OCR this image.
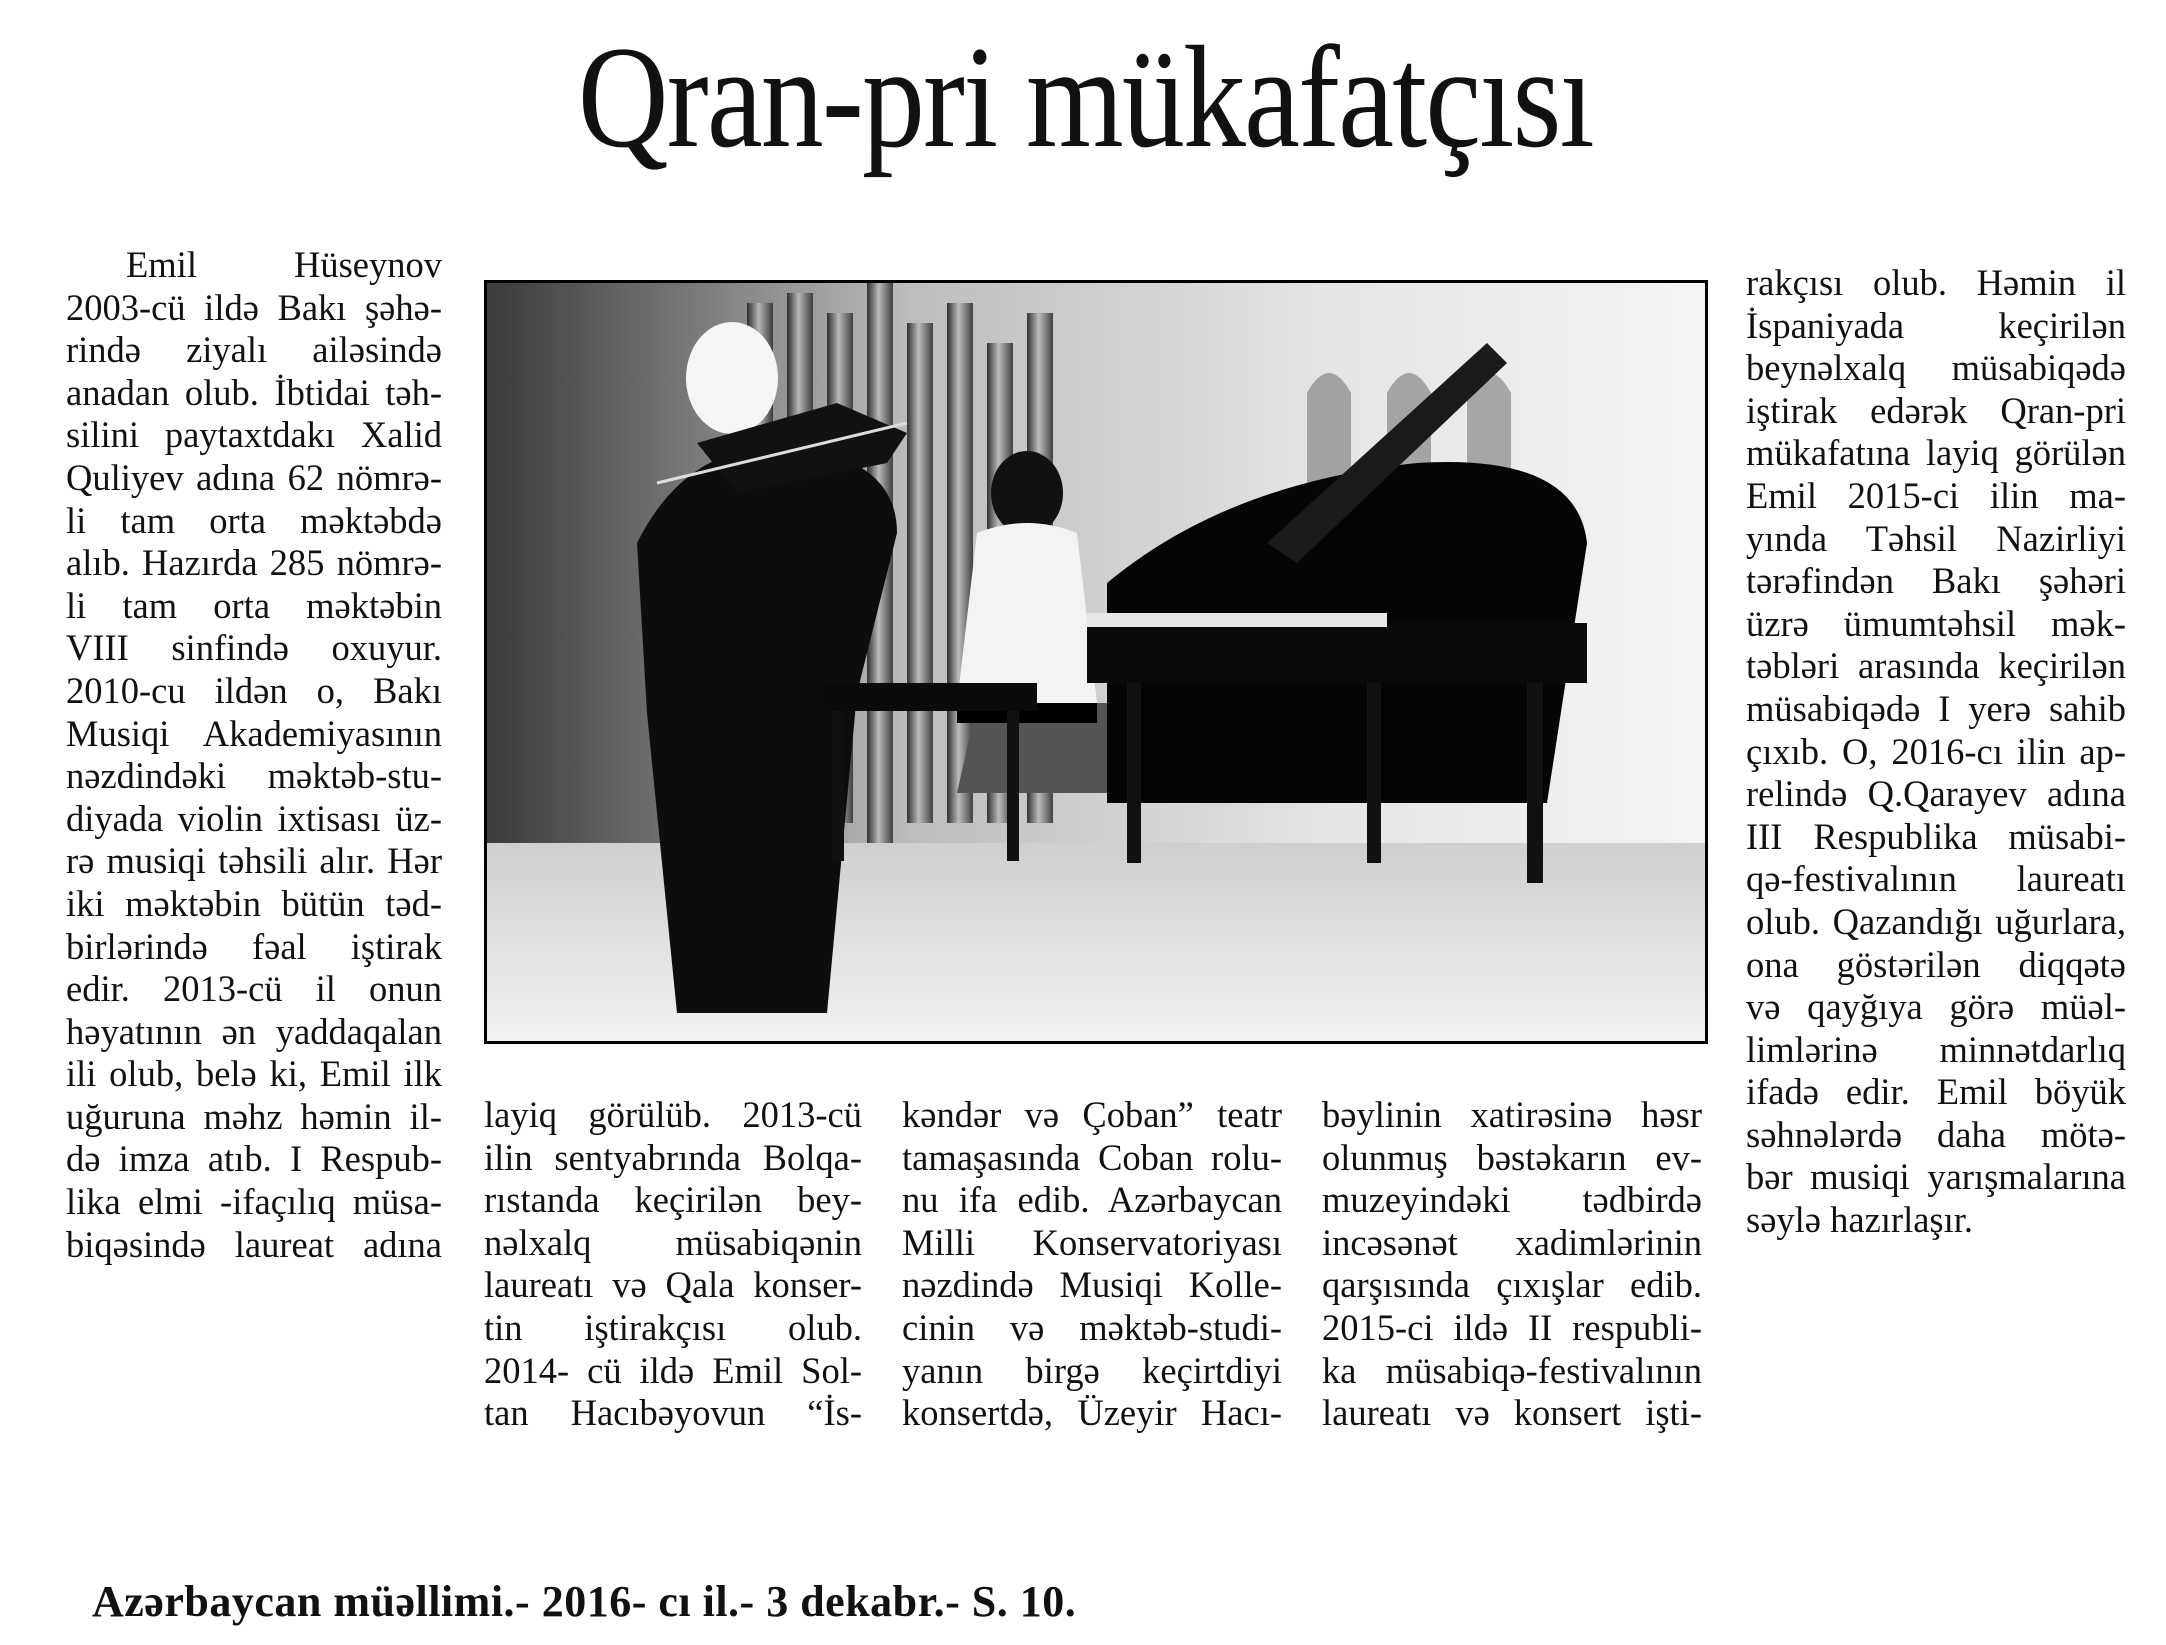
Qran-pri mükafatçısı
Emil Hüseynov
2003-cü ildə Bakı şəhə-
rində ziyalı ailəsində
anadan olub. İbtidai təh-
silini paytaxtdakı Xalid
Quliyev adına 62 nömrə-
li tam orta məktəbdə
alıb. Hazırda 285 nömrə-
li tam orta məktəbin
VIII sinfində oxuyur.
2010-cu ildən o, Bakı
Musiqi Akademiyasının
nəzdindəki məktəb-stu-
diyada violin ixtisası üz-
rə musiqi təhsili alır. Hər
iki məktəbin bütün təd-
birlərində fəal iştirak
edir. 2013-cü il onun
həyatının ən yaddaqalan
ili olub, belə ki, Emil ilk
uğuruna məhz həmin il-
də imza atıb. I Respub-
lika elmi -ifaçılıq müsa-
biqəsində laureat adına
layiq görülüb. 2013-cü
ilin sentyabrında Bolqa-
rıstanda keçirilən bey-
nəlxalq müsabiqənin
laureatı və Qala konser-
tin iştirakçısı olub.
2014- cü ildə Emil Sol-
tan Hacıbəyovun “İs-
kəndər və Çoban” teatr
tamaşasında Coban rolu-
nu ifa edib. Azərbaycan
Milli Konservatoriyası
nəzdində Musiqi Kolle-
cinin və məktəb-studi-
yanın birgə keçirtdiyi
konsertdə, Üzeyir Hacı-
bəylinin xatirəsinə həsr
olunmuş bəstəkarın ev-
muzeyindəki tədbirdə
incəsənət xadimlərinin
qarşısında çıxışlar edib.
2015-ci ildə II respubli-
ka müsabiqə-festivalının
laureatı və konsert işti-
rakçısı olub. Həmin il
İspaniyada keçirilən
beynəlxalq müsabiqədə
iştirak edərək Qran-pri
mükafatına layiq görülən
Emil 2015-ci ilin ma-
yında Təhsil Nazirliyi
tərəfindən Bakı şəhəri
üzrə ümumtəhsil mək-
təbləri arasında keçirilən
müsabiqədə I yerə sahib
çıxıb. O, 2016-cı ilin ap-
relində Q.Qarayev adına
III Respublika müsabi-
qə-festivalının laureatı
olub. Qazandığı uğurlara,
ona göstərilən diqqətə
və qayğıya görə müəl-
limlərinə minnətdarlıq
ifadə edir. Emil böyük
səhnələrdə daha mötə-
bər musiqi yarışmalarına
səylə hazırlaşır.
Azərbaycan müəllimi.- 2016- cı il.- 3 dekabr.- S. 10.
